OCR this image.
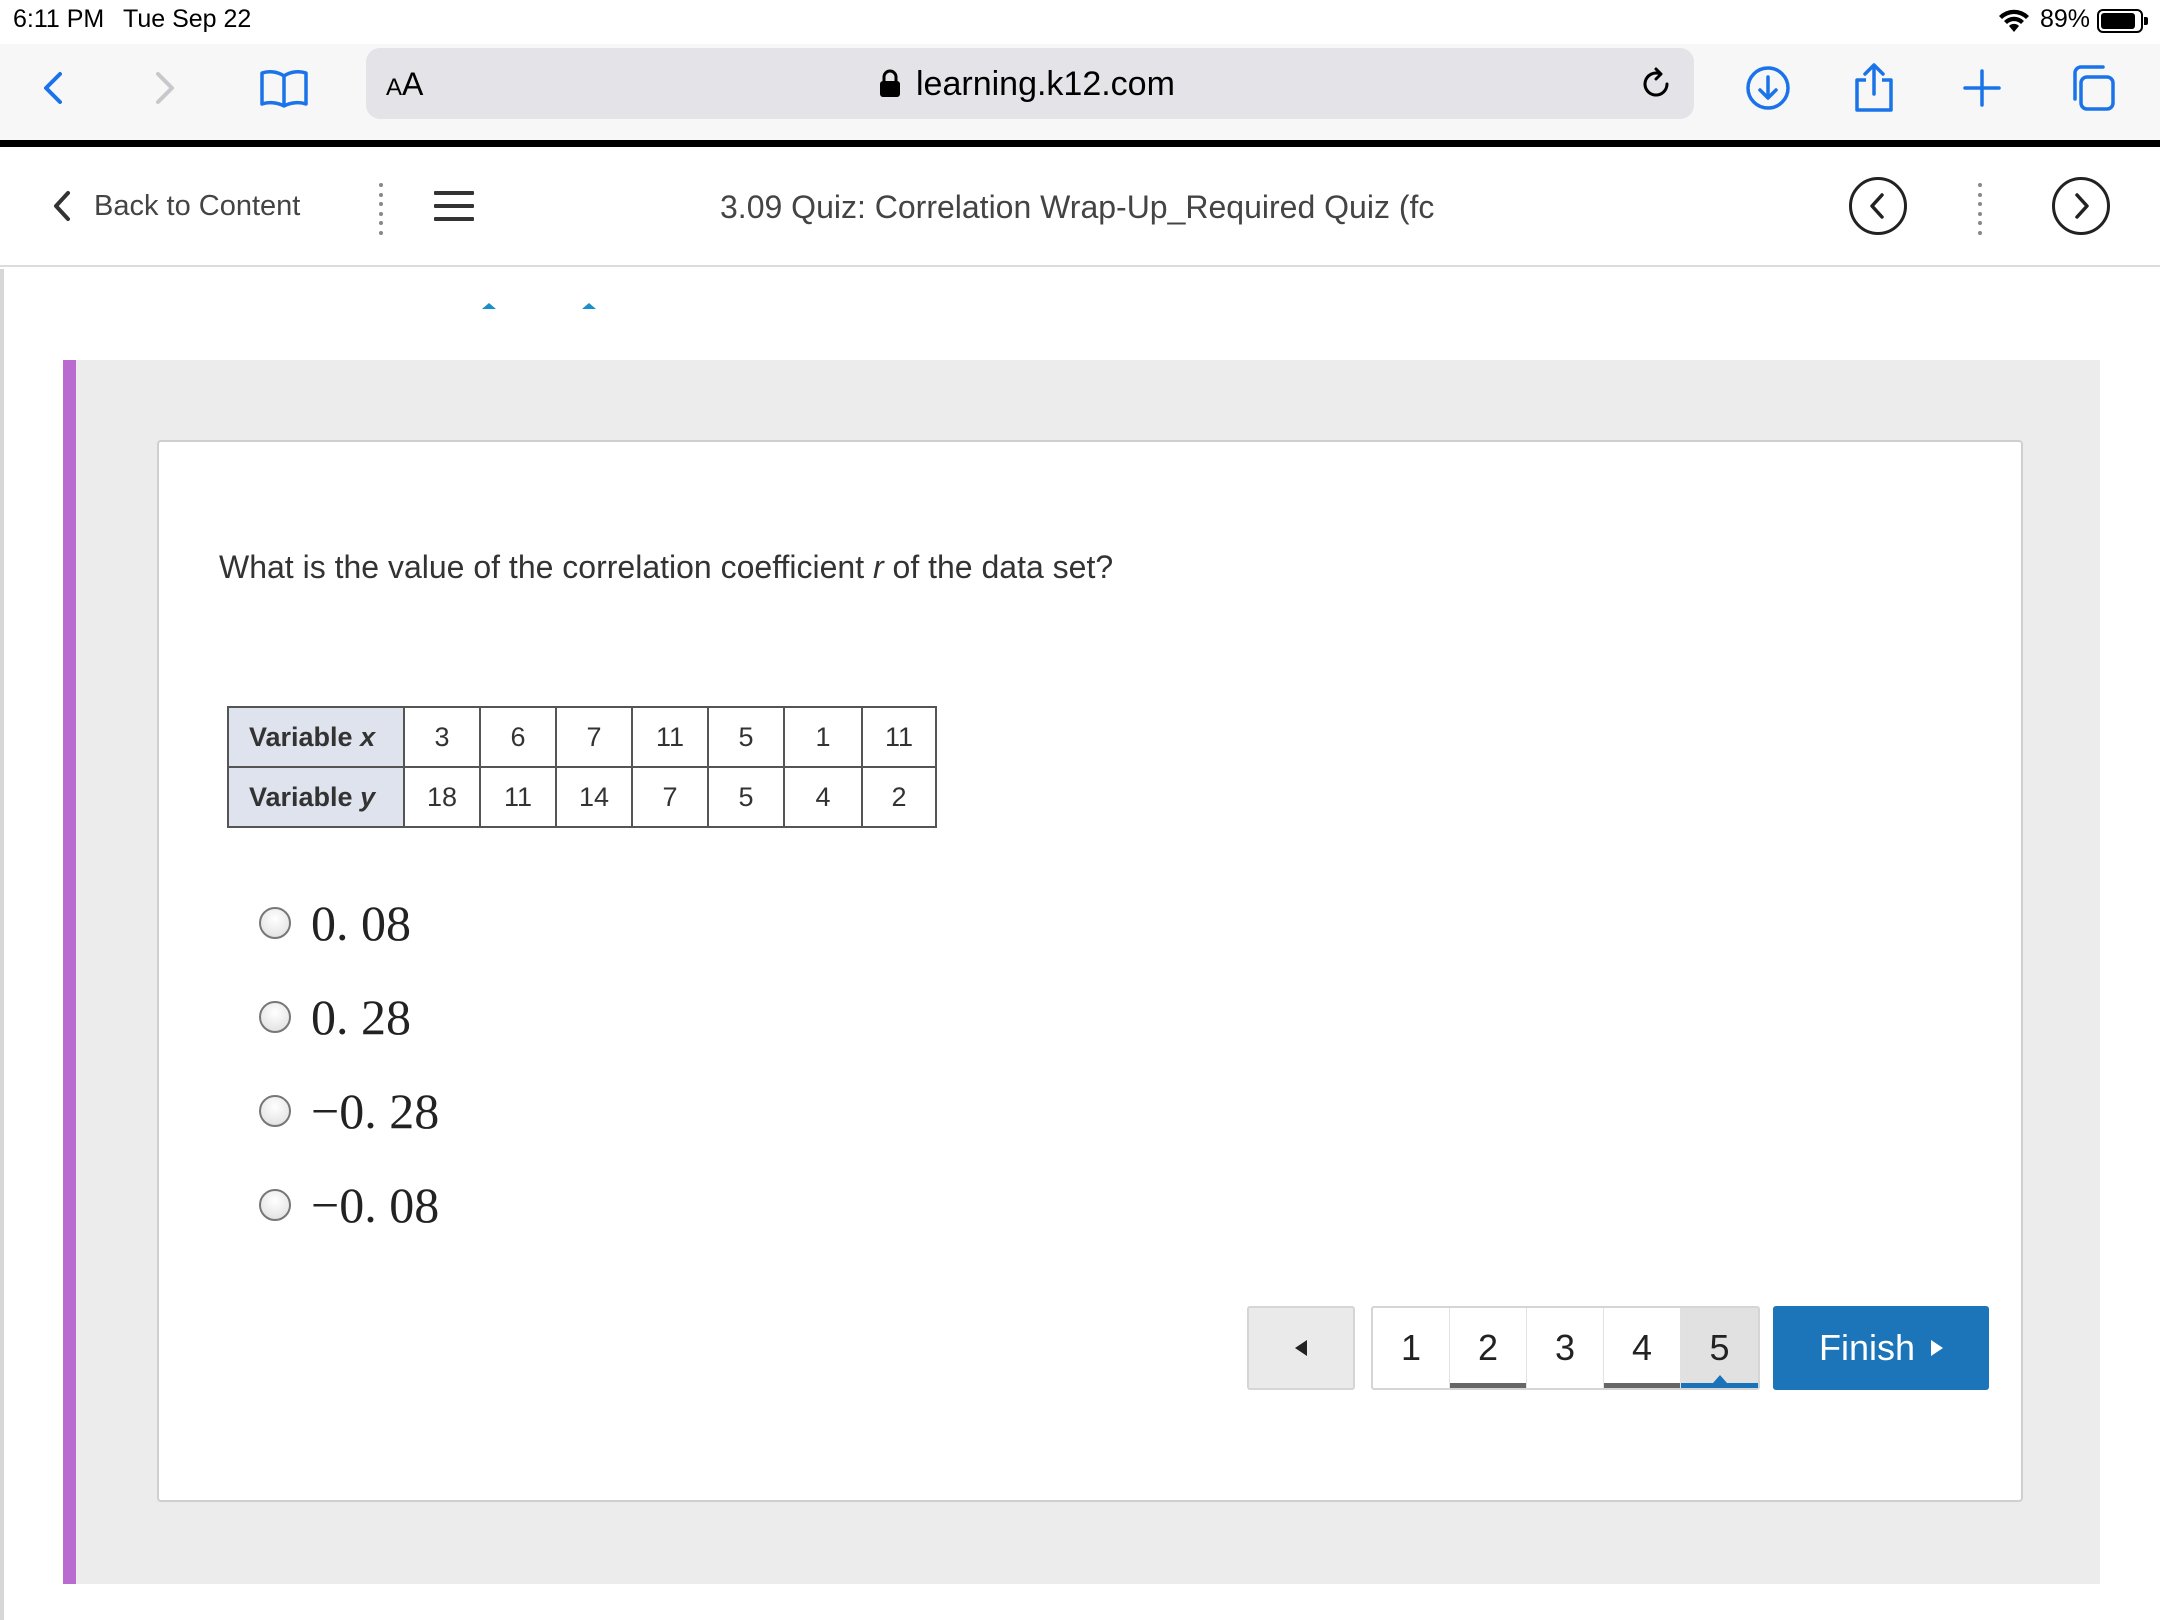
6:11 PM Tue Sep 22	89%
AA	learning.k12.com
Back to Content	3.09 Quiz: Correlation Wrap-Up_Required Quiz (fc
What is the value of the correlation coefficient r of the data set?
Variable x	3	6	7	11	5	1	11
Variable y	18	11	14	7	5	4	2
0. 08
0. 28
−0. 28
−0. 08
1	2	3	4	5	Finish
